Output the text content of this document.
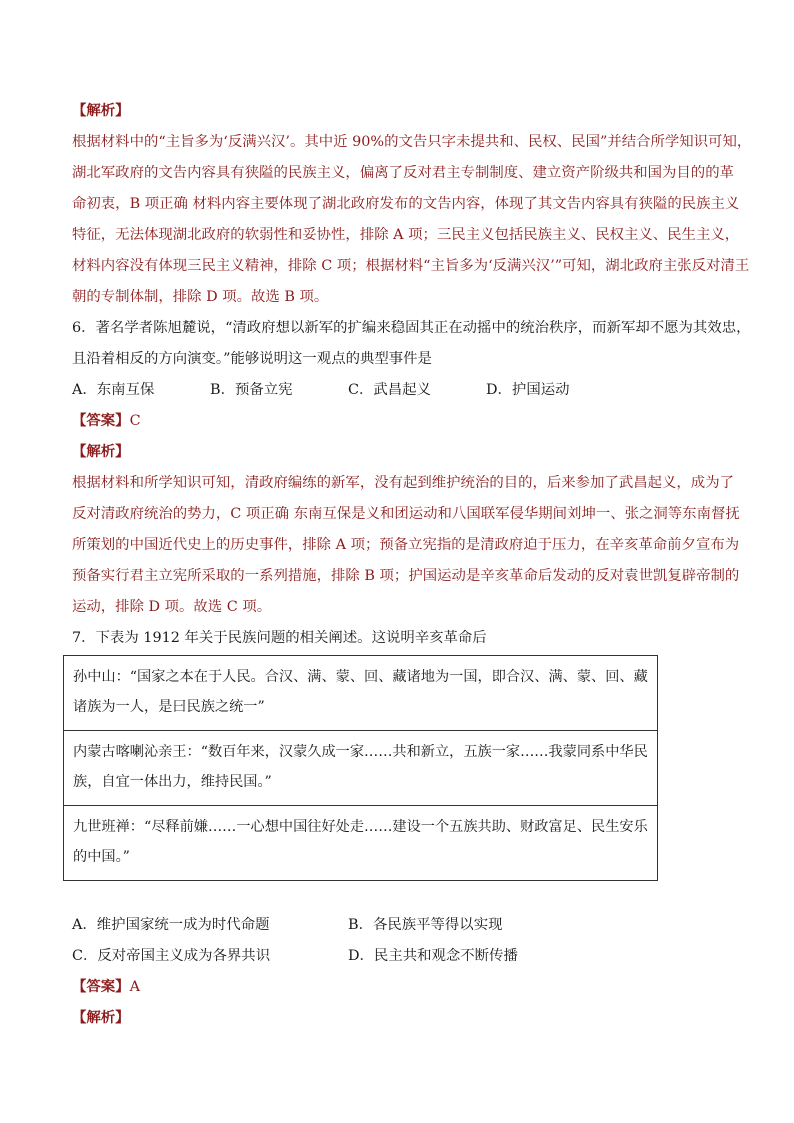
【解析】
根据材料中的“主旨多为‘反满兴汉’。其中近 90%的文告只字未提共和、民权、民国”并结合所学知识可知，
湖北军政府的文告内容具有狭隘的民族主义，偏离了反对君主专制制度、建立资产阶级共和国为目的的革
命初衷，B 项正确 材料内容主要体现了湖北政府发布的文告内容，体现了其文告内容具有狭隘的民族主义
特征，无法体现湖北政府的软弱性和妥协性，排除 A 项；三民主义包括民族主义、民权主义、民生主义，
材料内容没有体现三民主义精神，排除 C 项；根据材料“主旨多为‘反满兴汉’”可知，湖北政府主张反对清王
朝的专制体制，排除 D 项。故选 B 项。
6．著名学者陈旭麓说，“清政府想以新军的扩编来稳固其正在动摇中的统治秩序，而新军却不愿为其效忠，
且沿着相反的方向演变。”能够说明这一观点的典型事件是
A．东南互保	B．预备立宪	C．武昌起义	D．护国运动
【答案】C
【解析】
根据材料和所学知识可知，清政府编练的新军，没有起到维护统治的目的，后来参加了武昌起义，成为了
反对清政府统治的势力，C 项正确 东南互保是义和团运动和八国联军侵华期间刘坤一、张之洞等东南督抚
所策划的中国近代史上的历史事件，排除 A 项；预备立宪指的是清政府迫于压力，在辛亥革命前夕宣布为
预备实行君主立宪所采取的一系列措施，排除 B 项；护国运动是辛亥革命后发动的反对袁世凯复辟帝制的
运动，排除 D 项。故选 C 项。
7．下表为 1912 年关于民族问题的相关阐述。这说明辛亥革命后
孙中山：“国家之本在于人民。合汉、满、蒙、回、藏诸地为一国，即合汉、满、蒙、回、藏
诸族为一人，是曰民族之统一”

内蒙古喀喇沁亲王：“数百年来，汉蒙久成一家……共和新立，五族一家……我蒙同系中华民
族，自宜一体出力，维持民国。”

九世班禅：“尽释前嫌……一心想中国往好处走……建设一个五族共助、财政富足、民生安乐
的中国。”
A．维护国家统一成为时代命题	B．各民族平等得以实现
C．反对帝国主义成为各界共识	D．民主共和观念不断传播
【答案】A
【解析】
